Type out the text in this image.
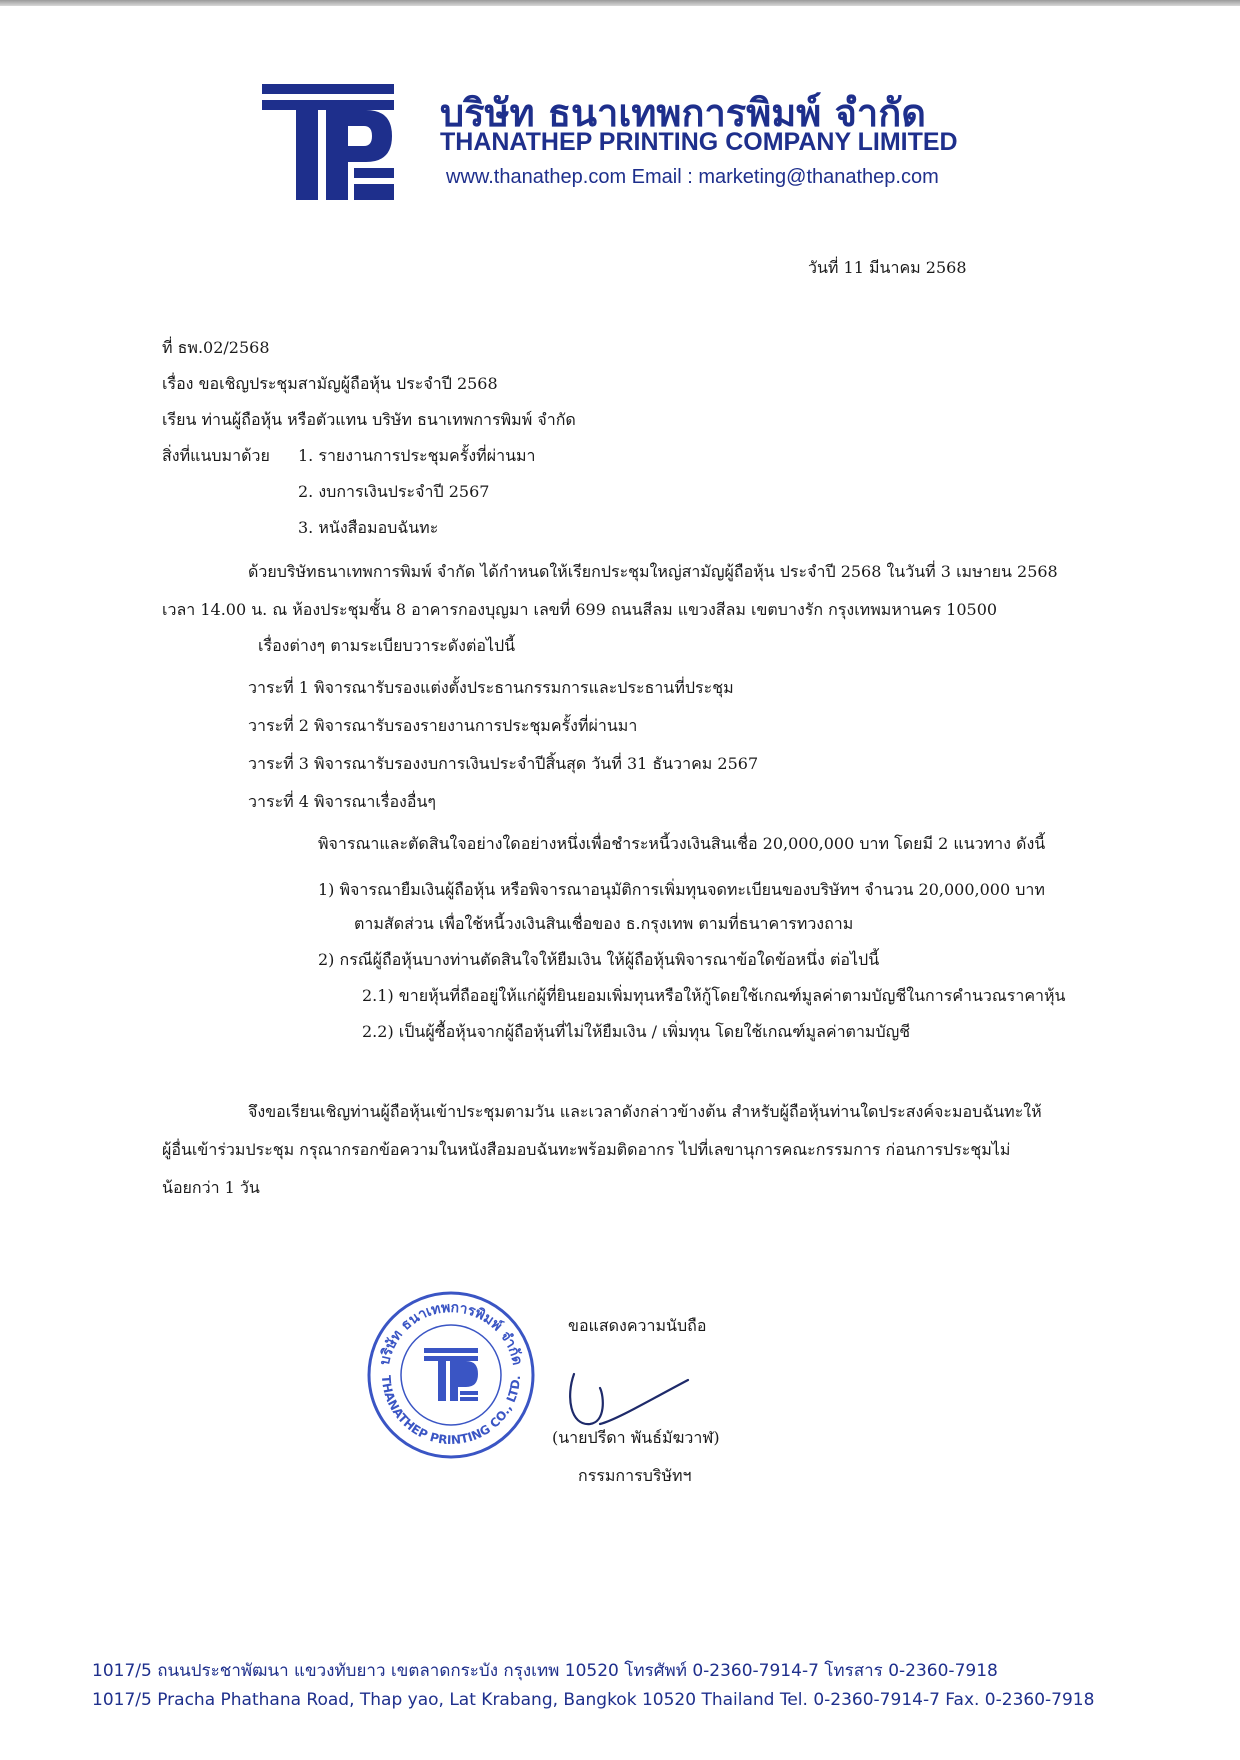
บริษัท ธนาเทพการพิมพ์ จำกัด
THANATHEP PRINTING COMPANY LIMITED
www.thanathep.com Email : marketing@thanathep.com
วันที่ 11 มีนาคม 2568
ที่ ธพ.02/2568
เรื่อง ขอเชิญประชุมสามัญผู้ถือหุ้น ประจำปี 2568
เรียน ท่านผู้ถือหุ้น หรือตัวแทน บริษัท ธนาเทพการพิมพ์ จำกัด
สิ่งที่แนบมาด้วย 1. รายงานการประชุมครั้งที่ผ่านมา
2. งบการเงินประจำปี 2567
3. หนังสือมอบฉันทะ
ด้วยบริษัทธนาเทพการพิมพ์ จำกัด ได้กำหนดให้เรียกประชุมใหญ่สามัญผู้ถือหุ้น ประจำปี 2568 ในวันที่ 3 เมษายน 2568
เวลา 14.00 น. ณ ห้องประชุมชั้น 8 อาคารกองบุญมา เลขที่ 699 ถนนสีลม แขวงสีลม เขตบางรัก กรุงเทพมหานคร 10500
เรื่องต่างๆ ตามระเบียบวาระดังต่อไปนี้
วาระที่ 1 พิจารณารับรองแต่งตั้งประธานกรรมการและประธานที่ประชุม
วาระที่ 2 พิจารณารับรองรายงานการประชุมครั้งที่ผ่านมา
วาระที่ 3 พิจารณารับรองงบการเงินประจำปีสิ้นสุด วันที่ 31 ธันวาคม 2567
วาระที่ 4 พิจารณาเรื่องอื่นๆ
พิจารณาและตัดสินใจอย่างใดอย่างหนึ่งเพื่อชำระหนี้วงเงินสินเชื่อ 20,000,000 บาท โดยมี 2 แนวทาง ดังนี้
1) พิจารณายืมเงินผู้ถือหุ้น หรือพิจารณาอนุมัติการเพิ่มทุนจดทะเบียนของบริษัทฯ จำนวน 20,000,000 บาท
ตามสัดส่วน เพื่อใช้หนี้วงเงินสินเชื่อของ ธ.กรุงเทพ ตามที่ธนาคารทวงถาม
2) กรณีผู้ถือหุ้นบางท่านตัดสินใจให้ยืมเงิน ให้ผู้ถือหุ้นพิจารณาข้อใดข้อหนึ่ง ต่อไปนี้
2.1) ขายหุ้นที่ถืออยู่ให้แก่ผู้ที่ยินยอมเพิ่มทุนหรือให้กู้โดยใช้เกณฑ์มูลค่าตามบัญชีในการคำนวณราคาหุ้น
2.2) เป็นผู้ซื้อหุ้นจากผู้ถือหุ้นที่ไม่ให้ยืมเงิน / เพิ่มทุน โดยใช้เกณฑ์มูลค่าตามบัญชี
จึงขอเรียนเชิญท่านผู้ถือหุ้นเข้าประชุมตามวัน และเวลาดังกล่าวข้างต้น สำหรับผู้ถือหุ้นท่านใดประสงค์จะมอบฉันทะให้
ผู้อื่นเข้าร่วมประชุม กรุณากรอกข้อความในหนังสือมอบฉันทะพร้อมติดอากร ไปที่เลขานุการคณะกรรมการ ก่อนการประชุมไม่
น้อยกว่า 1 วัน
บริษัท ธนาเทพการพิมพ์ จำกัด
THANATHEP PRINTING CO., LTD.
ขอแสดงความนับถือ
(นายปรีดา พันธ์มัฆวาฬ)
กรรมการบริษัทฯ
1017/5 ถนนประชาพัฒนา แขวงทับยาว เขตลาดกระบัง กรุงเทพ 10520 โทรศัพท์ 0-2360-7914-7 โทรสาร 0-2360-7918
1017/5 Pracha Phathana Road, Thap yao, Lat Krabang, Bangkok 10520 Thailand Tel. 0-2360-7914-7 Fax. 0-2360-7918
